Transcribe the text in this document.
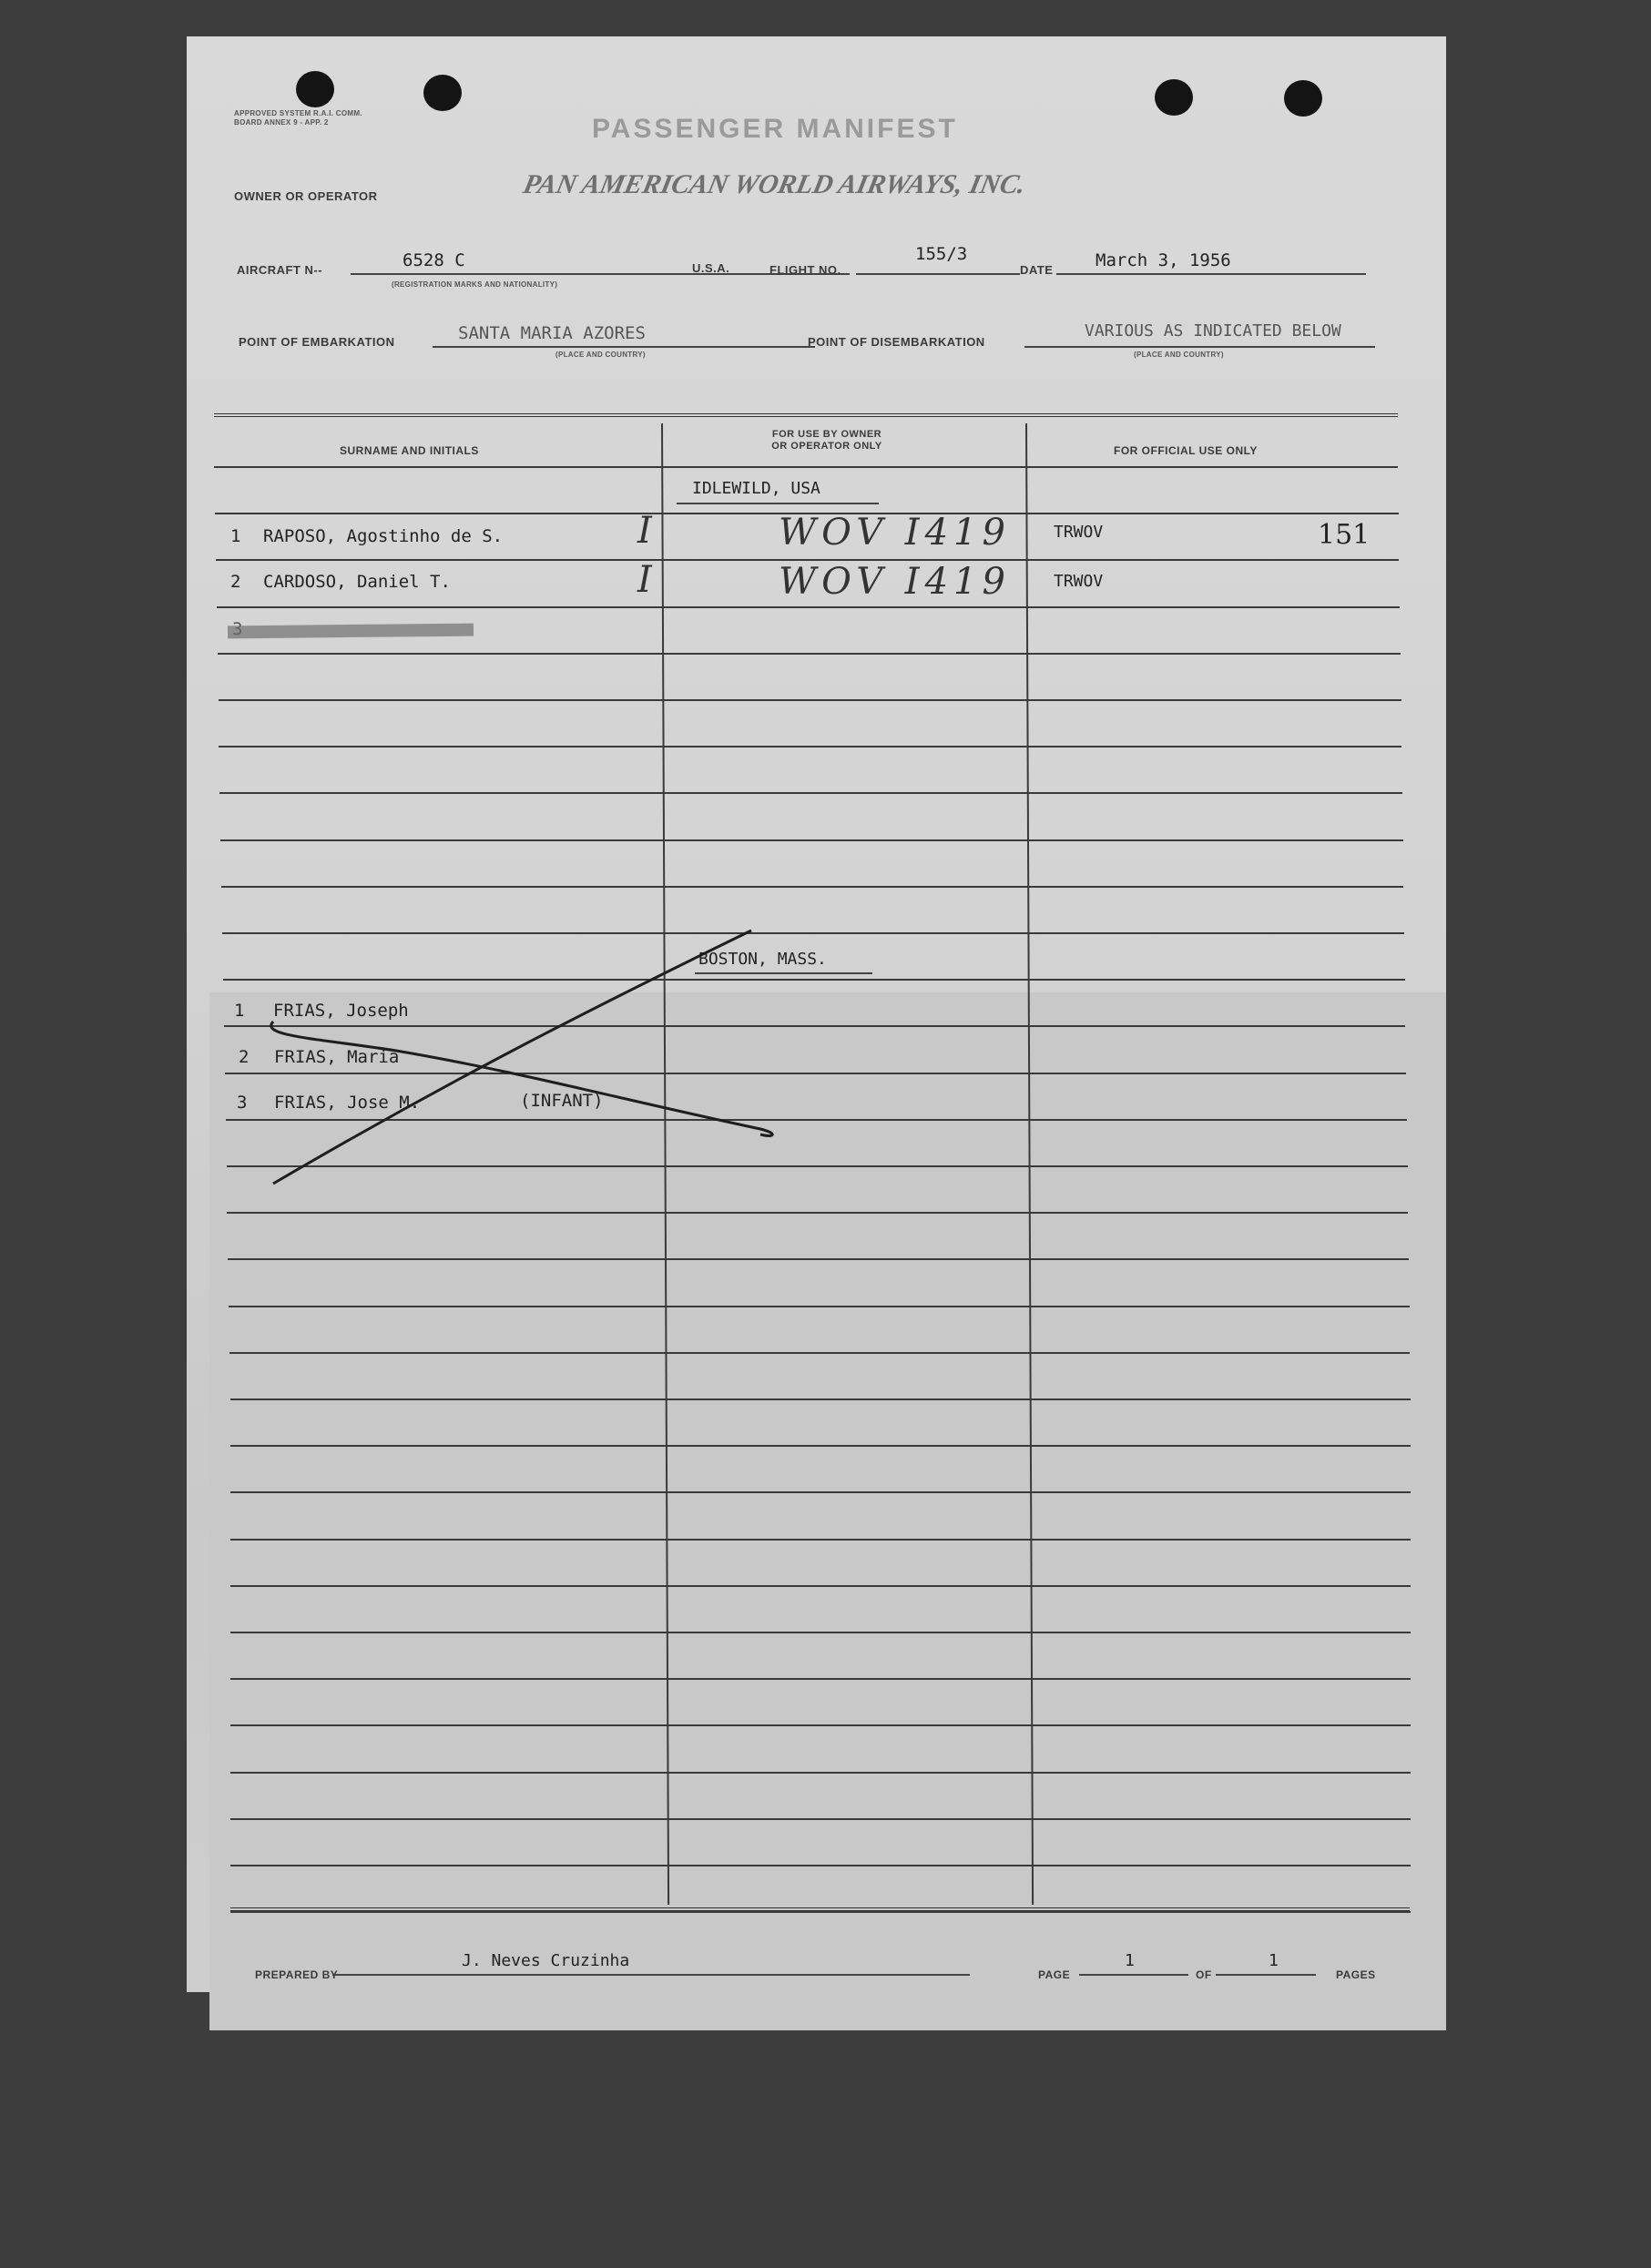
APPROVED SYSTEM R.A.I. COMM. BOARD ANNEX 9 - APP. 2	PASSENGER MANIFEST
OWNER OR OPERATOR	PAN AMERICAN WORLD AIRWAYS, INC.
AIRCRAFT N--	6528 C
(REGISTRATION MARKS AND NATIONALITY)
U.S.A.	FLIGHT NO.
155/3
DATE March 3, 1956
POINT OF EMBARKATION	SANTA MARIA AZORES
(PLACE AND COUNTRY)
POINT OF DISEMBARKATION
VARIOUS AS INDICATED BELOW
(PLACE AND COUNTRY)
SURNAME AND INITIALS
FOR USE BY OWNER
OR OPERATOR ONLY	FOR OFFICIAL USE ONLY
IDLEWILD, USA
1 RAPOSO, Agostinho de S.	I	WOV I419	TRWOV	151
2 CARDOSO, Daniel T.	I	WOV I419	TRWOV
BOSTON, MASS.
1 FRIAS, Joseph
2 FRIAS, Maria
3 FRIAS, Jose M.	(INFANT)
PREPARED BY
J. Neves Cruzinha
PAGE
1
OF
1
PAGES
